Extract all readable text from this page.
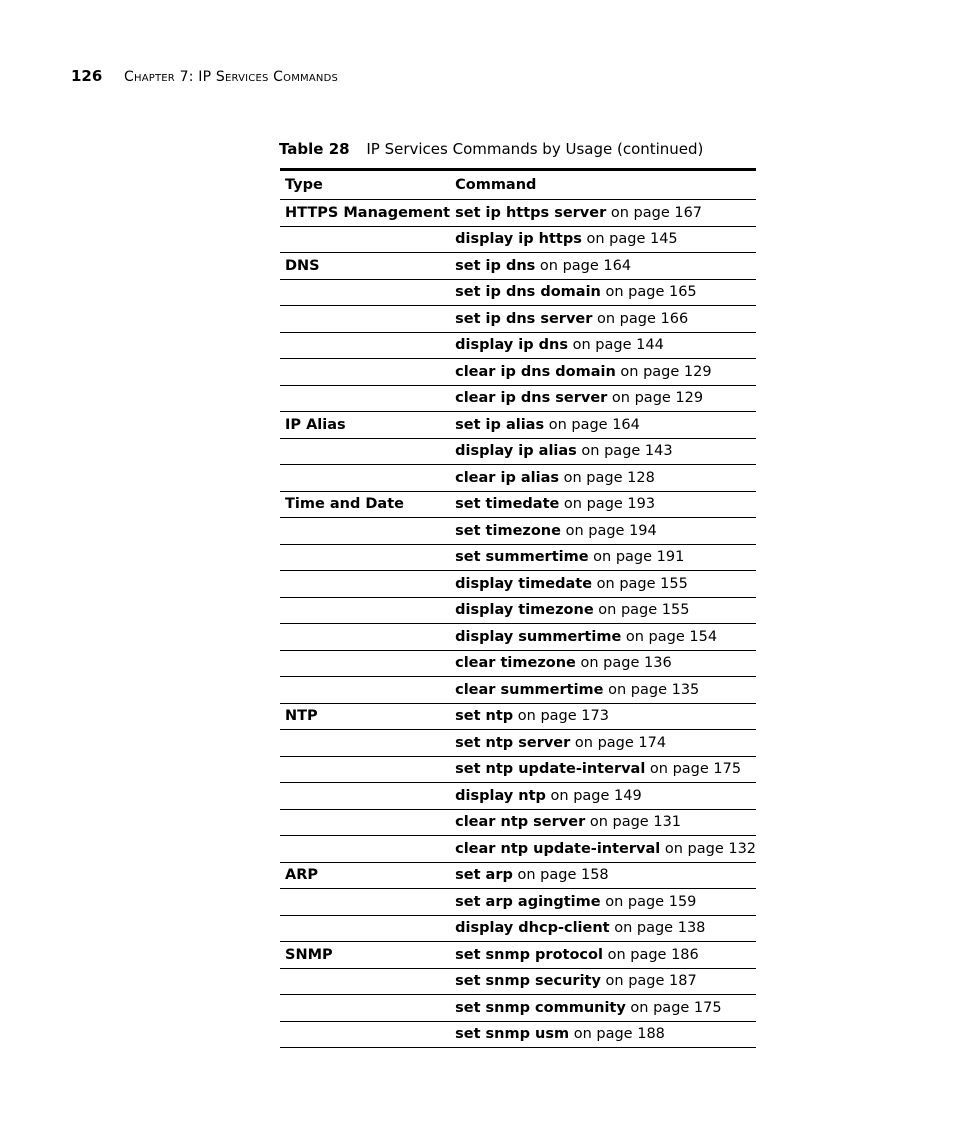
126	Chapter 7: IP Services Commands
Table 28 IP Services Commands by Usage (continued)
Type	Command
HTTPS Management	set ip https server on page 167
	display ip https on page 145
DNS	set ip dns on page 164
	set ip dns domain on page 165
	set ip dns server on page 166
	display ip dns on page 144
	clear ip dns domain on page 129
	clear ip dns server on page 129
IP Alias	set ip alias on page 164
	display ip alias on page 143
	clear ip alias on page 128
Time and Date	set timedate on page 193
	set timezone on page 194
	set summertime on page 191
	display timedate on page 155
	display timezone on page 155
	display summertime on page 154
	clear timezone on page 136
	clear summertime on page 135
NTP	set ntp on page 173
	set ntp server on page 174
	set ntp update-interval on page 175
	display ntp on page 149
	clear ntp server on page 131
	clear ntp update-interval on page 132
ARP	set arp on page 158
	set arp agingtime on page 159
	display dhcp-client on page 138
SNMP	set snmp protocol on page 186
	set snmp security on page 187
	set snmp community on page 175
	set snmp usm on page 188
